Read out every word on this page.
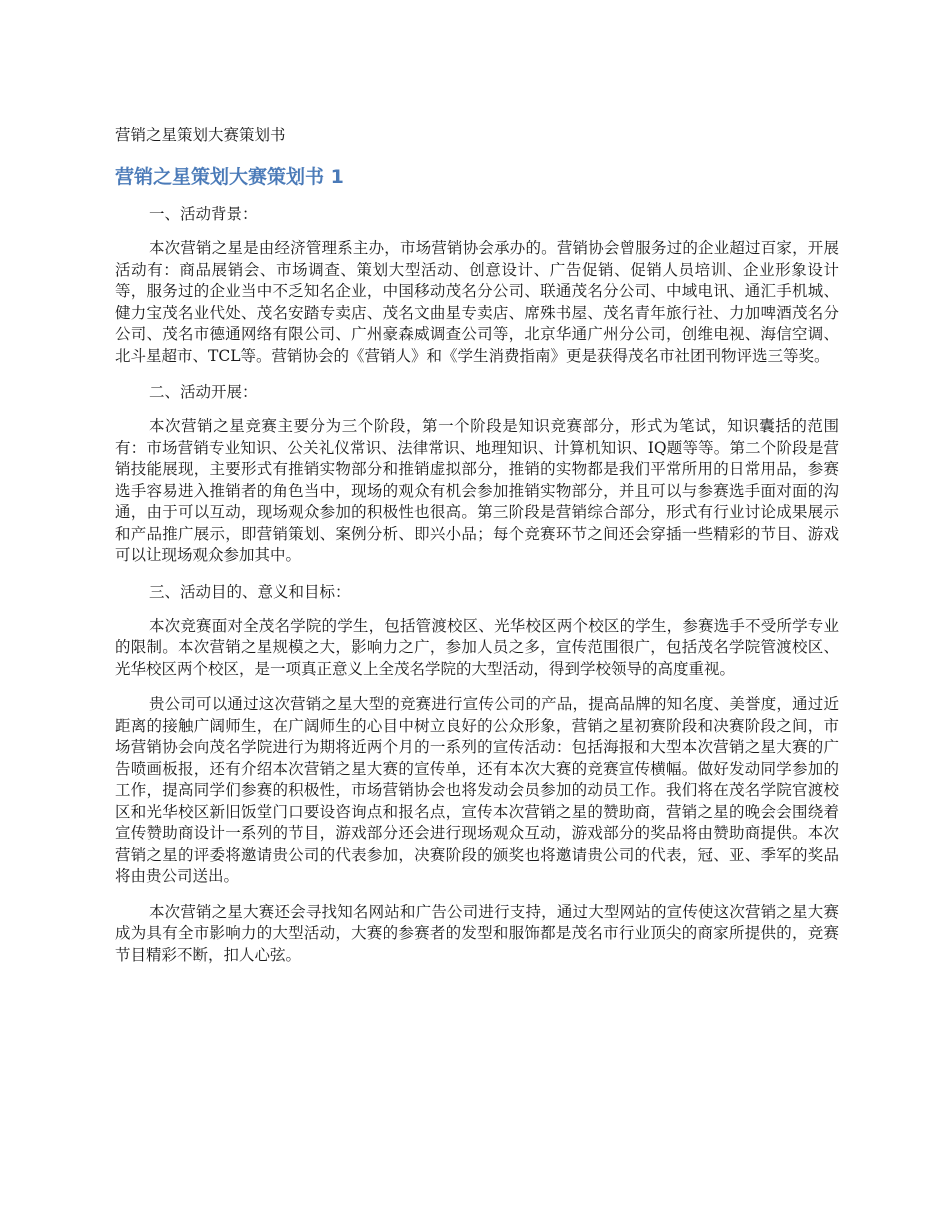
营销之星策划大赛策划书
营销之星策划大赛策划书 1
一、活动背景：

本次营销之星是由经济管理系主办，市场营销协会承办的。营销协会曾服务过的企业超过百家，开展活动有：商品展销会、市场调查、策划大型活动、创意设计、广告促销、促销人员培训、企业形象设计等，服务过的企业当中不乏知名企业，中国移动茂名分公司、联通茂名分公司、中域电讯、通汇手机城、健力宝茂名业代处、茂名安踏专卖店、茂名文曲星专卖店、席殊书屋、茂名青年旅行社、力加啤酒茂名分公司、茂名市德通网络有限公司、广州豪森威调查公司等，北京华通广州分公司，创维电视、海信空调、北斗星超市、TCL等。营销协会的《营销人》和《学生消费指南》更是获得茂名市社团刊物评选三等奖。

二、活动开展：

本次营销之星竞赛主要分为三个阶段，第一个阶段是知识竞赛部分，形式为笔试，知识囊括的范围有：市场营销专业知识、公关礼仪常识、法律常识、地理知识、计算机知识、IQ题等等。第二个阶段是营销技能展现，主要形式有推销实物部分和推销虚拟部分，推销的实物都是我们平常所用的日常用品，参赛选手容易进入推销者的角色当中，现场的观众有机会参加推销实物部分，并且可以与参赛选手面对面的沟通，由于可以互动，现场观众参加的积极性也很高。第三阶段是营销综合部分，形式有行业讨论成果展示和产品推广展示，即营销策划、案例分析、即兴小品；每个竞赛环节之间还会穿插一些精彩的节目、游戏可以让现场观众参加其中。

三、活动目的、意义和目标：

本次竞赛面对全茂名学院的学生，包括管渡校区、光华校区两个校区的学生，参赛选手不受所学专业的限制。本次营销之星规模之大，影响力之广，参加人员之多，宣传范围很广，包括茂名学院管渡校区、光华校区两个校区，是一项真正意义上全茂名学院的大型活动，得到学校领导的高度重视。

贵公司可以通过这次营销之星大型的竞赛进行宣传公司的产品，提高品牌的知名度、美誉度，通过近距离的接触广阔师生，在广阔师生的心目中树立良好的公众形象，营销之星初赛阶段和决赛阶段之间，市场营销协会向茂名学院进行为期将近两个月的一系列的宣传活动：包括海报和大型本次营销之星大赛的广告喷画板报，还有介绍本次营销之星大赛的宣传单，还有本次大赛的竞赛宣传横幅。做好发动同学参加的工作，提高同学们参赛的积极性，市场营销协会也将发动会员参加的动员工作。我们将在茂名学院官渡校区和光华校区新旧饭堂门口要设咨询点和报名点，宣传本次营销之星的赞助商，营销之星的晚会会围绕着宣传赞助商设计一系列的节目，游戏部分还会进行现场观众互动，游戏部分的奖品将由赞助商提供。本次营销之星的评委将邀请贵公司的代表参加，决赛阶段的颁奖也将邀请贵公司的代表，冠、亚、季军的奖品将由贵公司送出。

本次营销之星大赛还会寻找知名网站和广告公司进行支持，通过大型网站的宣传使这次营销之星大赛成为具有全市影响力的大型活动，大赛的参赛者的发型和服饰都是茂名市行业顶尖的商家所提供的，竞赛节目精彩不断，扣人心弦。
